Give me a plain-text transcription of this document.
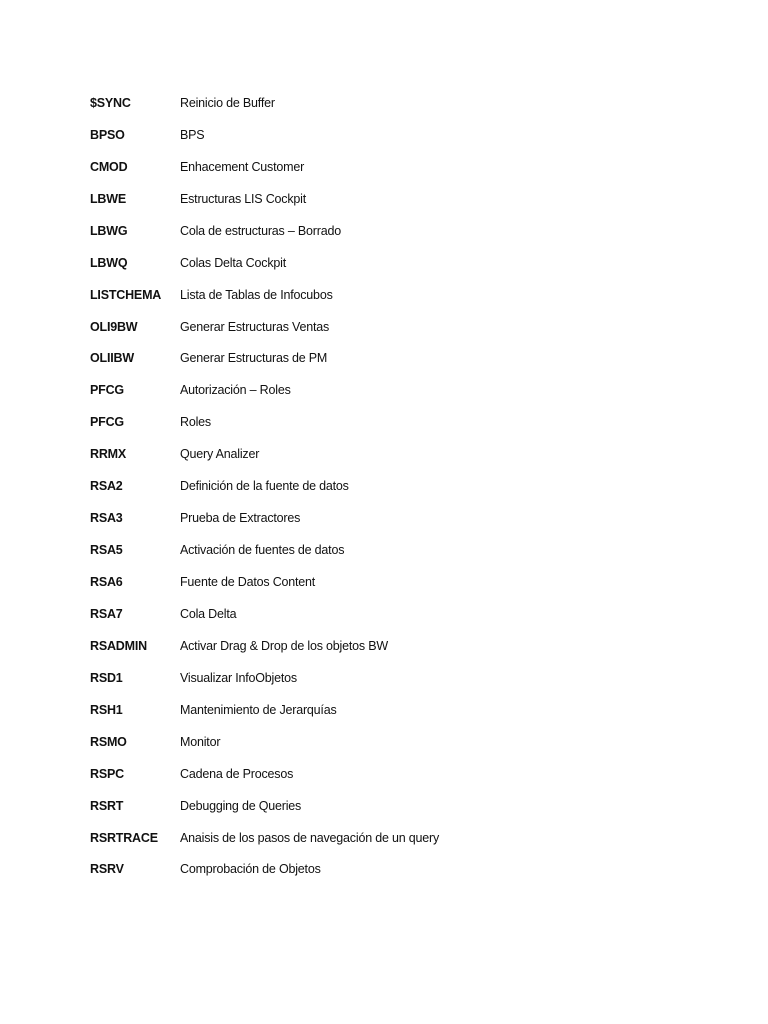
$SYNC	Reinicio de Buffer
BPSO	BPS
CMOD	Enhacement Customer
LBWE	Estructuras LIS Cockpit
LBWG	Cola de estructuras – Borrado
LBWQ	Colas Delta Cockpit
LISTCHEMA	Lista de Tablas de Infocubos
OLI9BW	Generar Estructuras Ventas
OLIIBW	Generar Estructuras de PM
PFCG	Autorización – Roles
PFCG	Roles
RRMX	Query Analizer
RSA2	Definición de la fuente de datos
RSA3	Prueba de Extractores
RSA5	Activación de fuentes de datos
RSA6	Fuente de Datos Content
RSA7	Cola Delta
RSADMIN	Activar Drag & Drop de los objetos BW
RSD1	Visualizar InfoObjetos
RSH1	Mantenimiento de Jerarquías
RSMO	Monitor
RSPC	Cadena de Procesos
RSRT	Debugging de Queries
RSRTRACE	Anaisis de los pasos de navegación de un query
RSRV	Comprobación de Objetos
